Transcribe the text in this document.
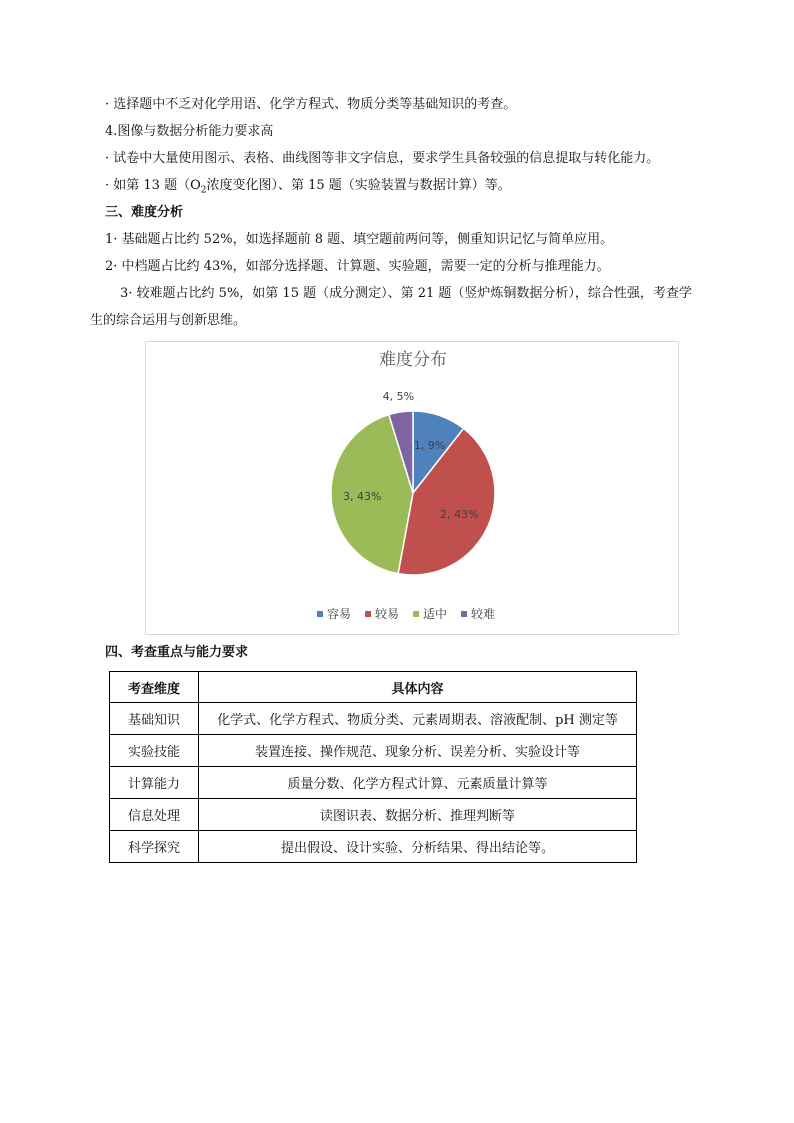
· 选择题中不乏对化学用语、化学方程式、物质分类等基础知识的考查。
4.图像与数据分析能力要求高
· 试卷中大量使用图示、表格、曲线图等非文字信息，要求学生具备较强的信息提取与转化能力。
· 如第 13 题（$O_2$浓度变化图）、第 15 题（实验装置与数据计算）等。
三、难度分析
1· 基础题占比约 52%，如选择题前 8 题、填空题前两问等，侧重知识记忆与简单应用。
2· 中档题占比约 43%，如部分选择题、计算题、实验题，需要一定的分析与推理能力。
3· 较难题占比约 5%，如第 15 题（成分测定）、第 21 题（竖炉炼铜数据分析），综合性强，考查学
生的综合运用与创新思维。
难度分布
1, 9%
2, 43%
3, 43%
4, 5%
容易 较易 适中 较难
四、考查重点与能力要求
考查维度	具体内容
基础知识	化学式、化学方程式、物质分类、元素周期表、溶液配制、pH 测定等
实验技能	装置连接、操作规范、现象分析、误差分析、实验设计等
计算能力	质量分数、化学方程式计算、元素质量计算等
信息处理	读图识表、数据分析、推理判断等
科学探究	提出假设、设计实验、分析结果、得出结论等。
